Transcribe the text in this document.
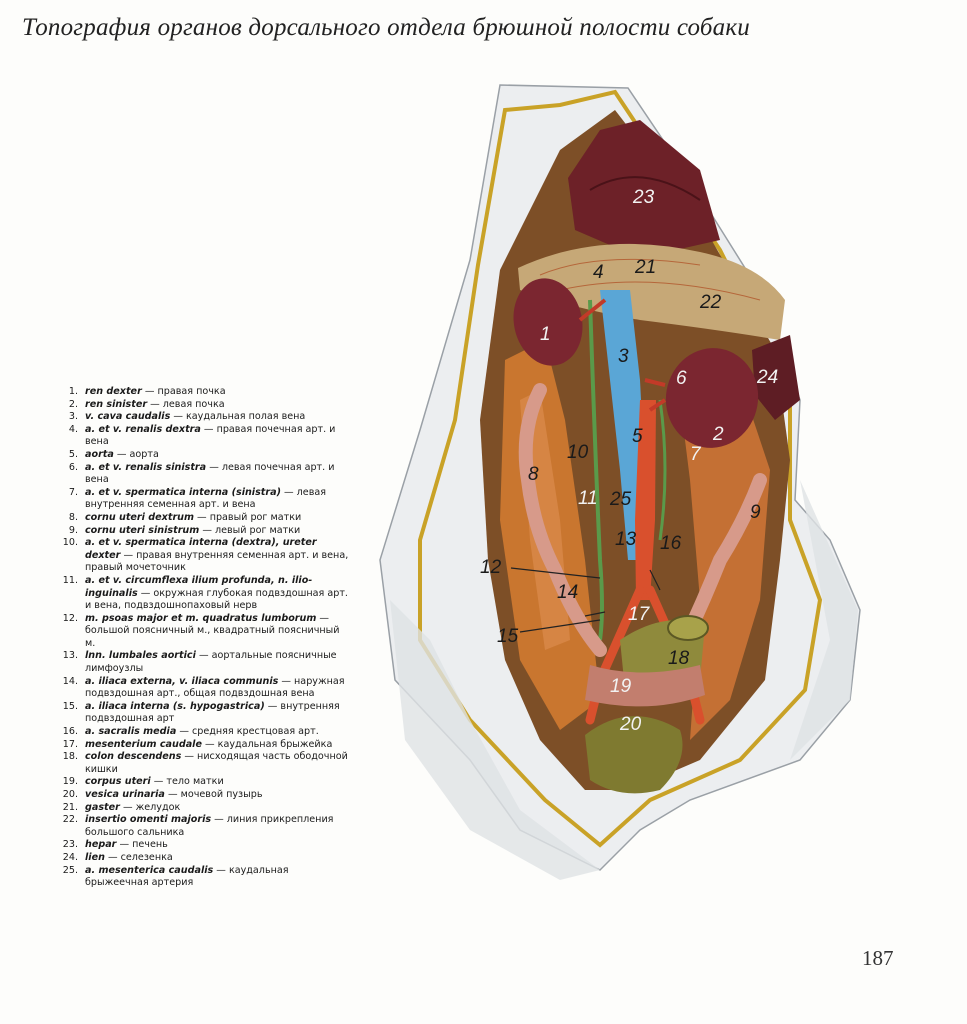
Топография органов дорсального отдела брюшной полости собаки
1
2
3
4
5
6
7
8
9
10
11
12
13
14
15
16
17
18
19
20
21
22
23
24
25
1. ren dexter — правая почка
2. ren sinister — левая почка
3. v. cava caudalis — каудальная полая вена
4. a. et v. renalis dextra — правая почечная арт. и вена
5. aorta — аорта
6. a. et v. renalis sinistra — левая почечная арт. и вена
7. a. et v. spermatica interna (sinistra) — левая внутренняя семенная арт. и вена
8. cornu uteri dextrum — правый рог матки
9. cornu uteri sinistrum — левый рог матки
10. a. et v. spermatica interna (dextra), ureter dexter — правая внутренняя семенная арт. и вена, правый мочеточник
11. a. et v. circumflexa ilium profunda, n. ilio-inguinalis — окружная глубокая подвздошная арт. и вена, подвздошнопаховый нерв
12. m. psoas major et m. quadratus lumborum — большой поясничный м., квадратный поясничный м.
13. lnn. lumbales aortici — аортальные поясничные лимфоузлы
14. a. iliaca externa, v. iliaca communis — наружная подвздошная арт., общая подвздошная вена
15. a. iliaca interna (s. hypogastrica) — внутренняя подвздошная арт
16. a. sacralis media — средняя крестцовая арт.
17. mesenterium caudale — каудальная брыжейка
18. colon descendens — нисходящая часть ободочной кишки
19. corpus uteri — тело матки
20. vesica urinaria — мочевой пузырь
21. gaster — желудок
22. insertio omenti majoris — линия прикрепления большого сальника
23. hepar — печень
24. lien — селезенка
25. a. mesenterica caudalis — каудальная брыжеечная артерия
187
